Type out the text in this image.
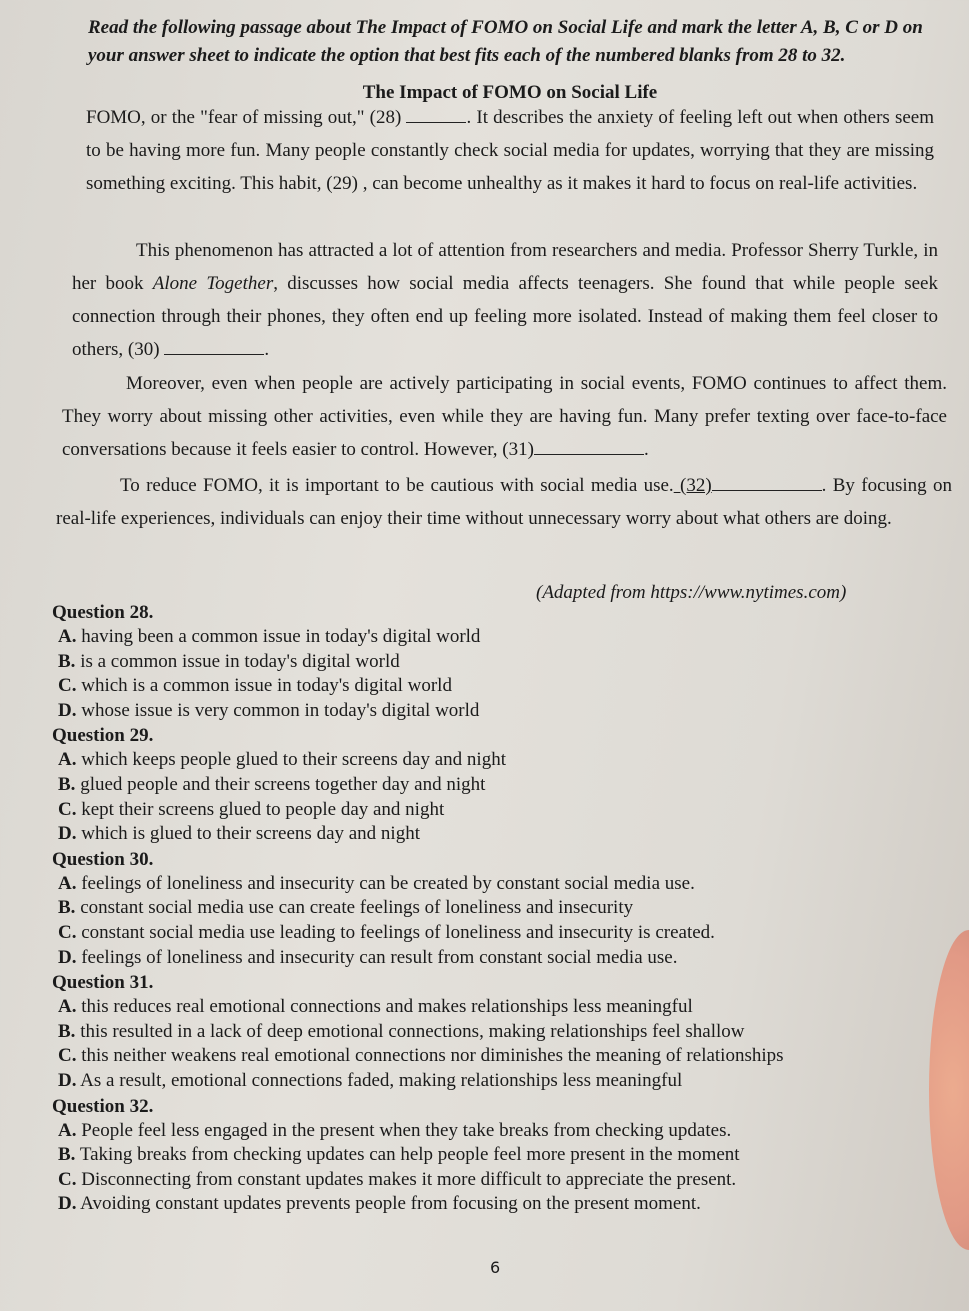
Read the following passage about The Impact of FOMO on Social Life and mark the letter A, B, C or D on your answer sheet to indicate the option that best fits each of the numbered blanks from 28 to 32.
The Impact of FOMO on Social Life
FOMO, or the "fear of missing out," (28)	. It describes the anxiety of feeling left out when others seem to be having more fun. Many people constantly check social media for updates, worrying that they are missing something exciting. This habit, (29) , can become unhealthy as it makes it hard to focus on real-life activities.
This phenomenon has attracted a lot of attention from researchers and media. Professor Sherry Turkle, in her book Alone Together, discusses how social media affects teenagers. She found that while people seek connection through their phones, they often end up feeling more isolated. Instead of making them feel closer to others, (30)	.
Moreover, even when people are actively participating in social events, FOMO continues to affect them. They worry about missing other activities, even while they are having fun. Many prefer texting over face-to-face conversations because it feels easier to control. However, (31)	.
To reduce FOMO, it is important to be cautious with social media use. (32)	. By focusing on real-life experiences, individuals can enjoy their time without unnecessary worry about what others are doing.
(Adapted from https://www.nytimes.com)
Question 28.
A. having been a common issue in today's digital world
B. is a common issue in today's digital world
C. which is a common issue in today's digital world
D. whose issue is very common in today's digital world
Question 29.
A. which keeps people glued to their screens day and night
B. glued people and their screens together day and night
C. kept their screens glued to people day and night
D. which is glued to their screens day and night
Question 30.
A. feelings of loneliness and insecurity can be created by constant social media use.
B. constant social media use can create feelings of loneliness and insecurity
C. constant social media use leading to feelings of loneliness and insecurity is created.
D. feelings of loneliness and insecurity can result from constant social media use.
Question 31.
A. this reduces real emotional connections and makes relationships less meaningful
B. this resulted in a lack of deep emotional connections, making relationships feel shallow
C. this neither weakens real emotional connections nor diminishes the meaning of relationships
D. As a result, emotional connections faded, making relationships less meaningful
Question 32.
A. People feel less engaged in the present when they take breaks from checking updates.
B. Taking breaks from checking updates can help people feel more present in the moment
C. Disconnecting from constant updates makes it more difficult to appreciate the present.
D. Avoiding constant updates prevents people from focusing on the present moment.
6
